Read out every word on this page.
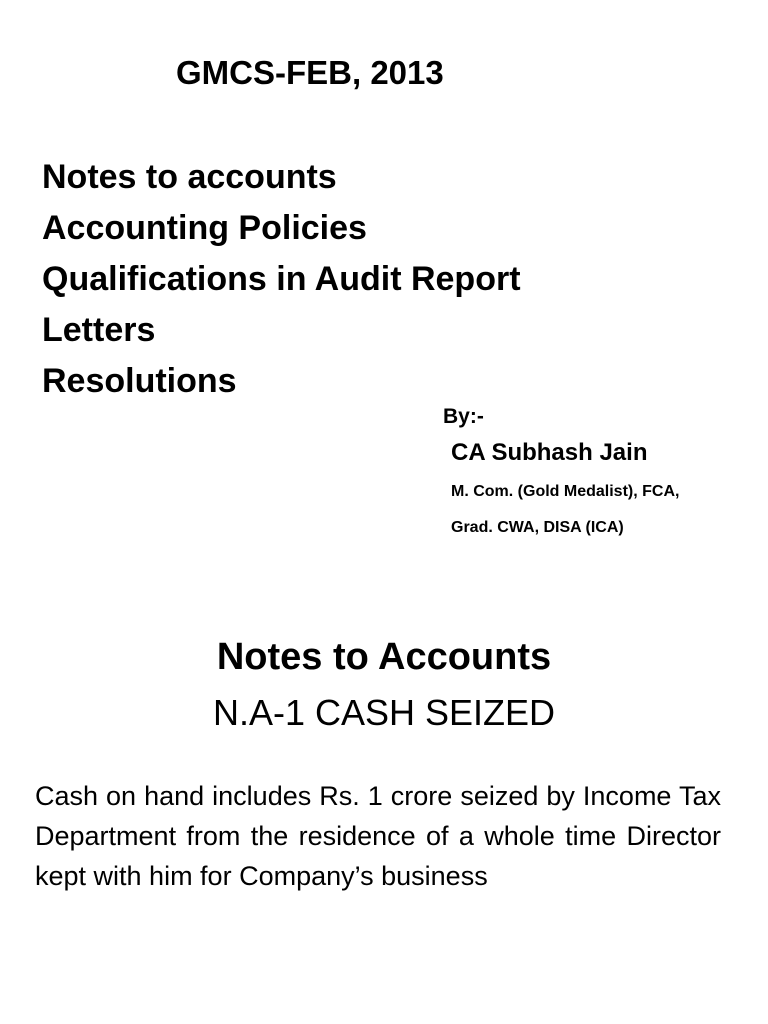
GMCS-FEB, 2013
Notes to accounts
Accounting Policies
Qualifications in Audit Report
Letters
Resolutions
By:-
CA Subhash Jain
M. Com. (Gold Medalist), FCA,
Grad. CWA, DISA (ICA)
Notes to Accounts
N.A-1 CASH SEIZED

Cash on hand includes Rs. 1 crore seized by Income Tax Department from the residence of a whole time Director kept with him for Company’s business
